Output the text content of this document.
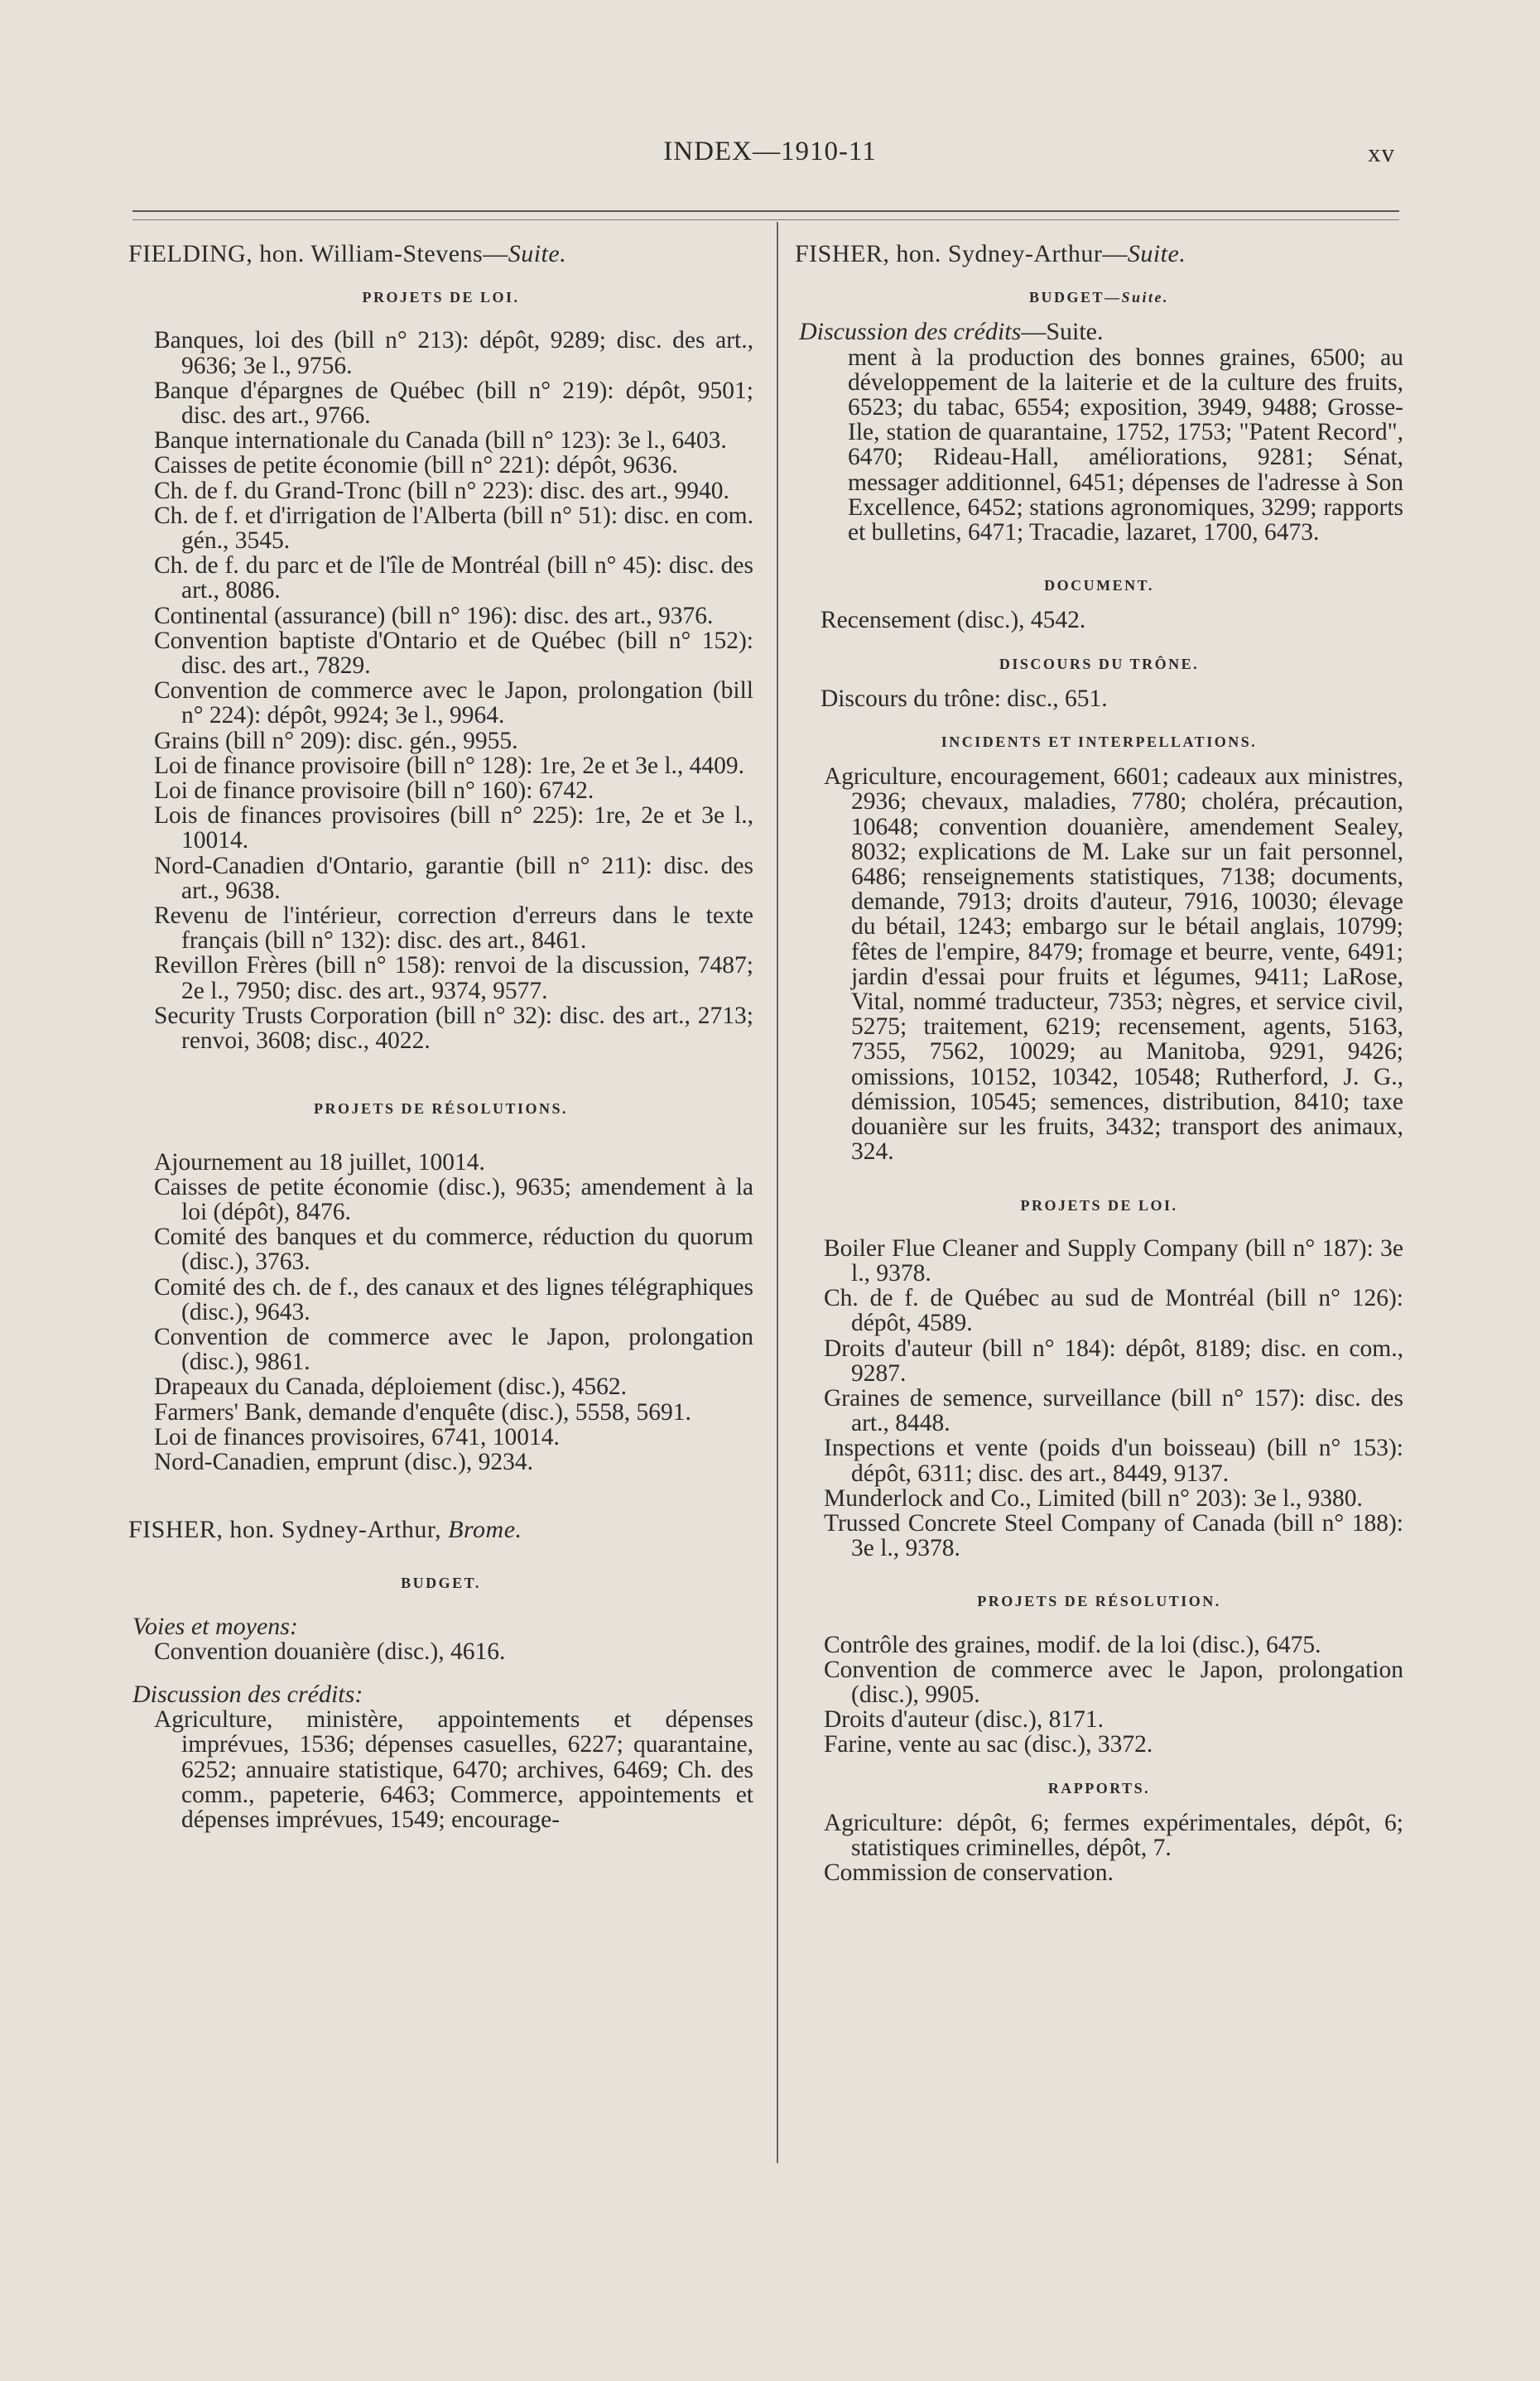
INDEX—1910-11	xv

FIELDING, hon. William-Stevens—Suite.

PROJETS DE LOI.

Banques, loi des (bill n° 213): dépôt, 9289; disc. des art., 9636; 3e l., 9756.

Banque d'épargnes de Québec (bill n° 219): dépôt, 9501; disc. des art., 9766.

Banque internationale du Canada (bill n° 123): 3e l., 6403.

Caisses de petite économie (bill n° 221): dépôt, 9636.

Ch. de f. du Grand-Tronc (bill n° 223): disc. des art., 9940.

Ch. de f. et d'irrigation de l'Alberta (bill n° 51): disc. en com. gén., 3545.

Ch. de f. du parc et de l'île de Montréal (bill n° 45): disc. des art., 8086.

Continental (assurance) (bill n° 196): disc. des art., 9376.

Convention baptiste d'Ontario et de Québec (bill n° 152): disc. des art., 7829.

Convention de commerce avec le Japon, prolongation (bill n° 224): dépôt, 9924; 3e l., 9964.

Grains (bill n° 209): disc. gén., 9955.

Loi de finance provisoire (bill n° 128): 1re, 2e et 3e l., 4409.

Loi de finance provisoire (bill n° 160): 6742.

Lois de finances provisoires (bill n° 225): 1re, 2e et 3e l., 10014.

Nord-Canadien d'Ontario, garantie (bill n° 211): disc. des art., 9638.

Revenu de l'intérieur, correction d'erreurs dans le texte français (bill n° 132): disc. des art., 8461.

Revillon Frères (bill n° 158): renvoi de la discussion, 7487; 2e l., 7950; disc. des art., 9374, 9577.

Security Trusts Corporation (bill n° 32): disc. des art., 2713; renvoi, 3608; disc., 4022.

PROJETS DE RÉSOLUTIONS.

Ajournement au 18 juillet, 10014.

Caisses de petite économie (disc.), 9635; amendement à la loi (dépôt), 8476.

Comité des banques et du commerce, réduction du quorum (disc.), 3763.

Comité des ch. de f., des canaux et des lignes télégraphiques (disc.), 9643.

Convention de commerce avec le Japon, prolongation (disc.), 9861.

Drapeaux du Canada, déploiement (disc.), 4562.

Farmers' Bank, demande d'enquête (disc.), 5558, 5691.

Loi de finances provisoires, 6741, 10014.

Nord-Canadien, emprunt (disc.), 9234.

FISHER, hon. Sydney-Arthur, Brome.

BUDGET.

Voies et moyens:

Convention douanière (disc.), 4616.

Discussion des crédits:

Agriculture, ministère, appointements et dépenses imprévues, 1536; dépenses casuelles, 6227; quarantaine, 6252; annuaire statistique, 6470; archives, 6469; Ch. des comm., papeterie, 6463; Commerce, appointements et dépenses imprévues, 1549; encourage-

FISHER, hon. Sydney-Arthur—Suite.

BUDGET—Suite.

Discussion des crédits—Suite.

ment à la production des bonnes graines, 6500; au développement de la laiterie et de la culture des fruits, 6523; du tabac, 6554; exposition, 3949, 9488; Grosse-Ile, station de quarantaine, 1752, 1753; "Patent Record", 6470; Rideau-Hall, améliorations, 9281; Sénat, messager additionnel, 6451; dépenses de l'adresse à Son Excellence, 6452; stations agronomiques, 3299; rapports et bulletins, 6471; Tracadie, lazaret, 1700, 6473.

DOCUMENT.

Recensement (disc.), 4542.

DISCOURS DU TRÔNE.

Discours du trône: disc., 651.

INCIDENTS ET INTERPELLATIONS.

Agriculture, encouragement, 6601; cadeaux aux ministres, 2936; chevaux, maladies, 7780; choléra, précaution, 10648; convention douanière, amendement Sealey, 8032; explications de M. Lake sur un fait personnel, 6486; renseignements statistiques, 7138; documents, demande, 7913; droits d'auteur, 7916, 10030; élevage du bétail, 1243; embargo sur le bétail anglais, 10799; fêtes de l'empire, 8479; fromage et beurre, vente, 6491; jardin d'essai pour fruits et légumes, 9411; LaRose, Vital, nommé traducteur, 7353; nègres, et service civil, 5275; traitement, 6219; recensement, agents, 5163, 7355, 7562, 10029; au Manitoba, 9291, 9426; omissions, 10152, 10342, 10548; Rutherford, J. G., démission, 10545; semences, distribution, 8410; taxe douanière sur les fruits, 3432; transport des animaux, 324.

PROJETS DE LOI.

Boiler Flue Cleaner and Supply Company (bill n° 187): 3e l., 9378.

Ch. de f. de Québec au sud de Montréal (bill n° 126): dépôt, 4589.

Droits d'auteur (bill n° 184): dépôt, 8189; disc. en com., 9287.

Graines de semence, surveillance (bill n° 157): disc. des art., 8448.

Inspections et vente (poids d'un boisseau) (bill n° 153): dépôt, 6311; disc. des art., 8449, 9137.

Munderlock and Co., Limited (bill n° 203): 3e l., 9380.

Trussed Concrete Steel Company of Canada (bill n° 188): 3e l., 9378.

PROJETS DE RÉSOLUTION.

Contrôle des graines, modif. de la loi (disc.), 6475.

Convention de commerce avec le Japon, prolongation (disc.), 9905.

Droits d'auteur (disc.), 8171.

Farine, vente au sac (disc.), 3372.

RAPPORTS.

Agriculture: dépôt, 6; fermes expérimentales, dépôt, 6; statistiques criminelles, dépôt, 7.

Commission de conservation.
